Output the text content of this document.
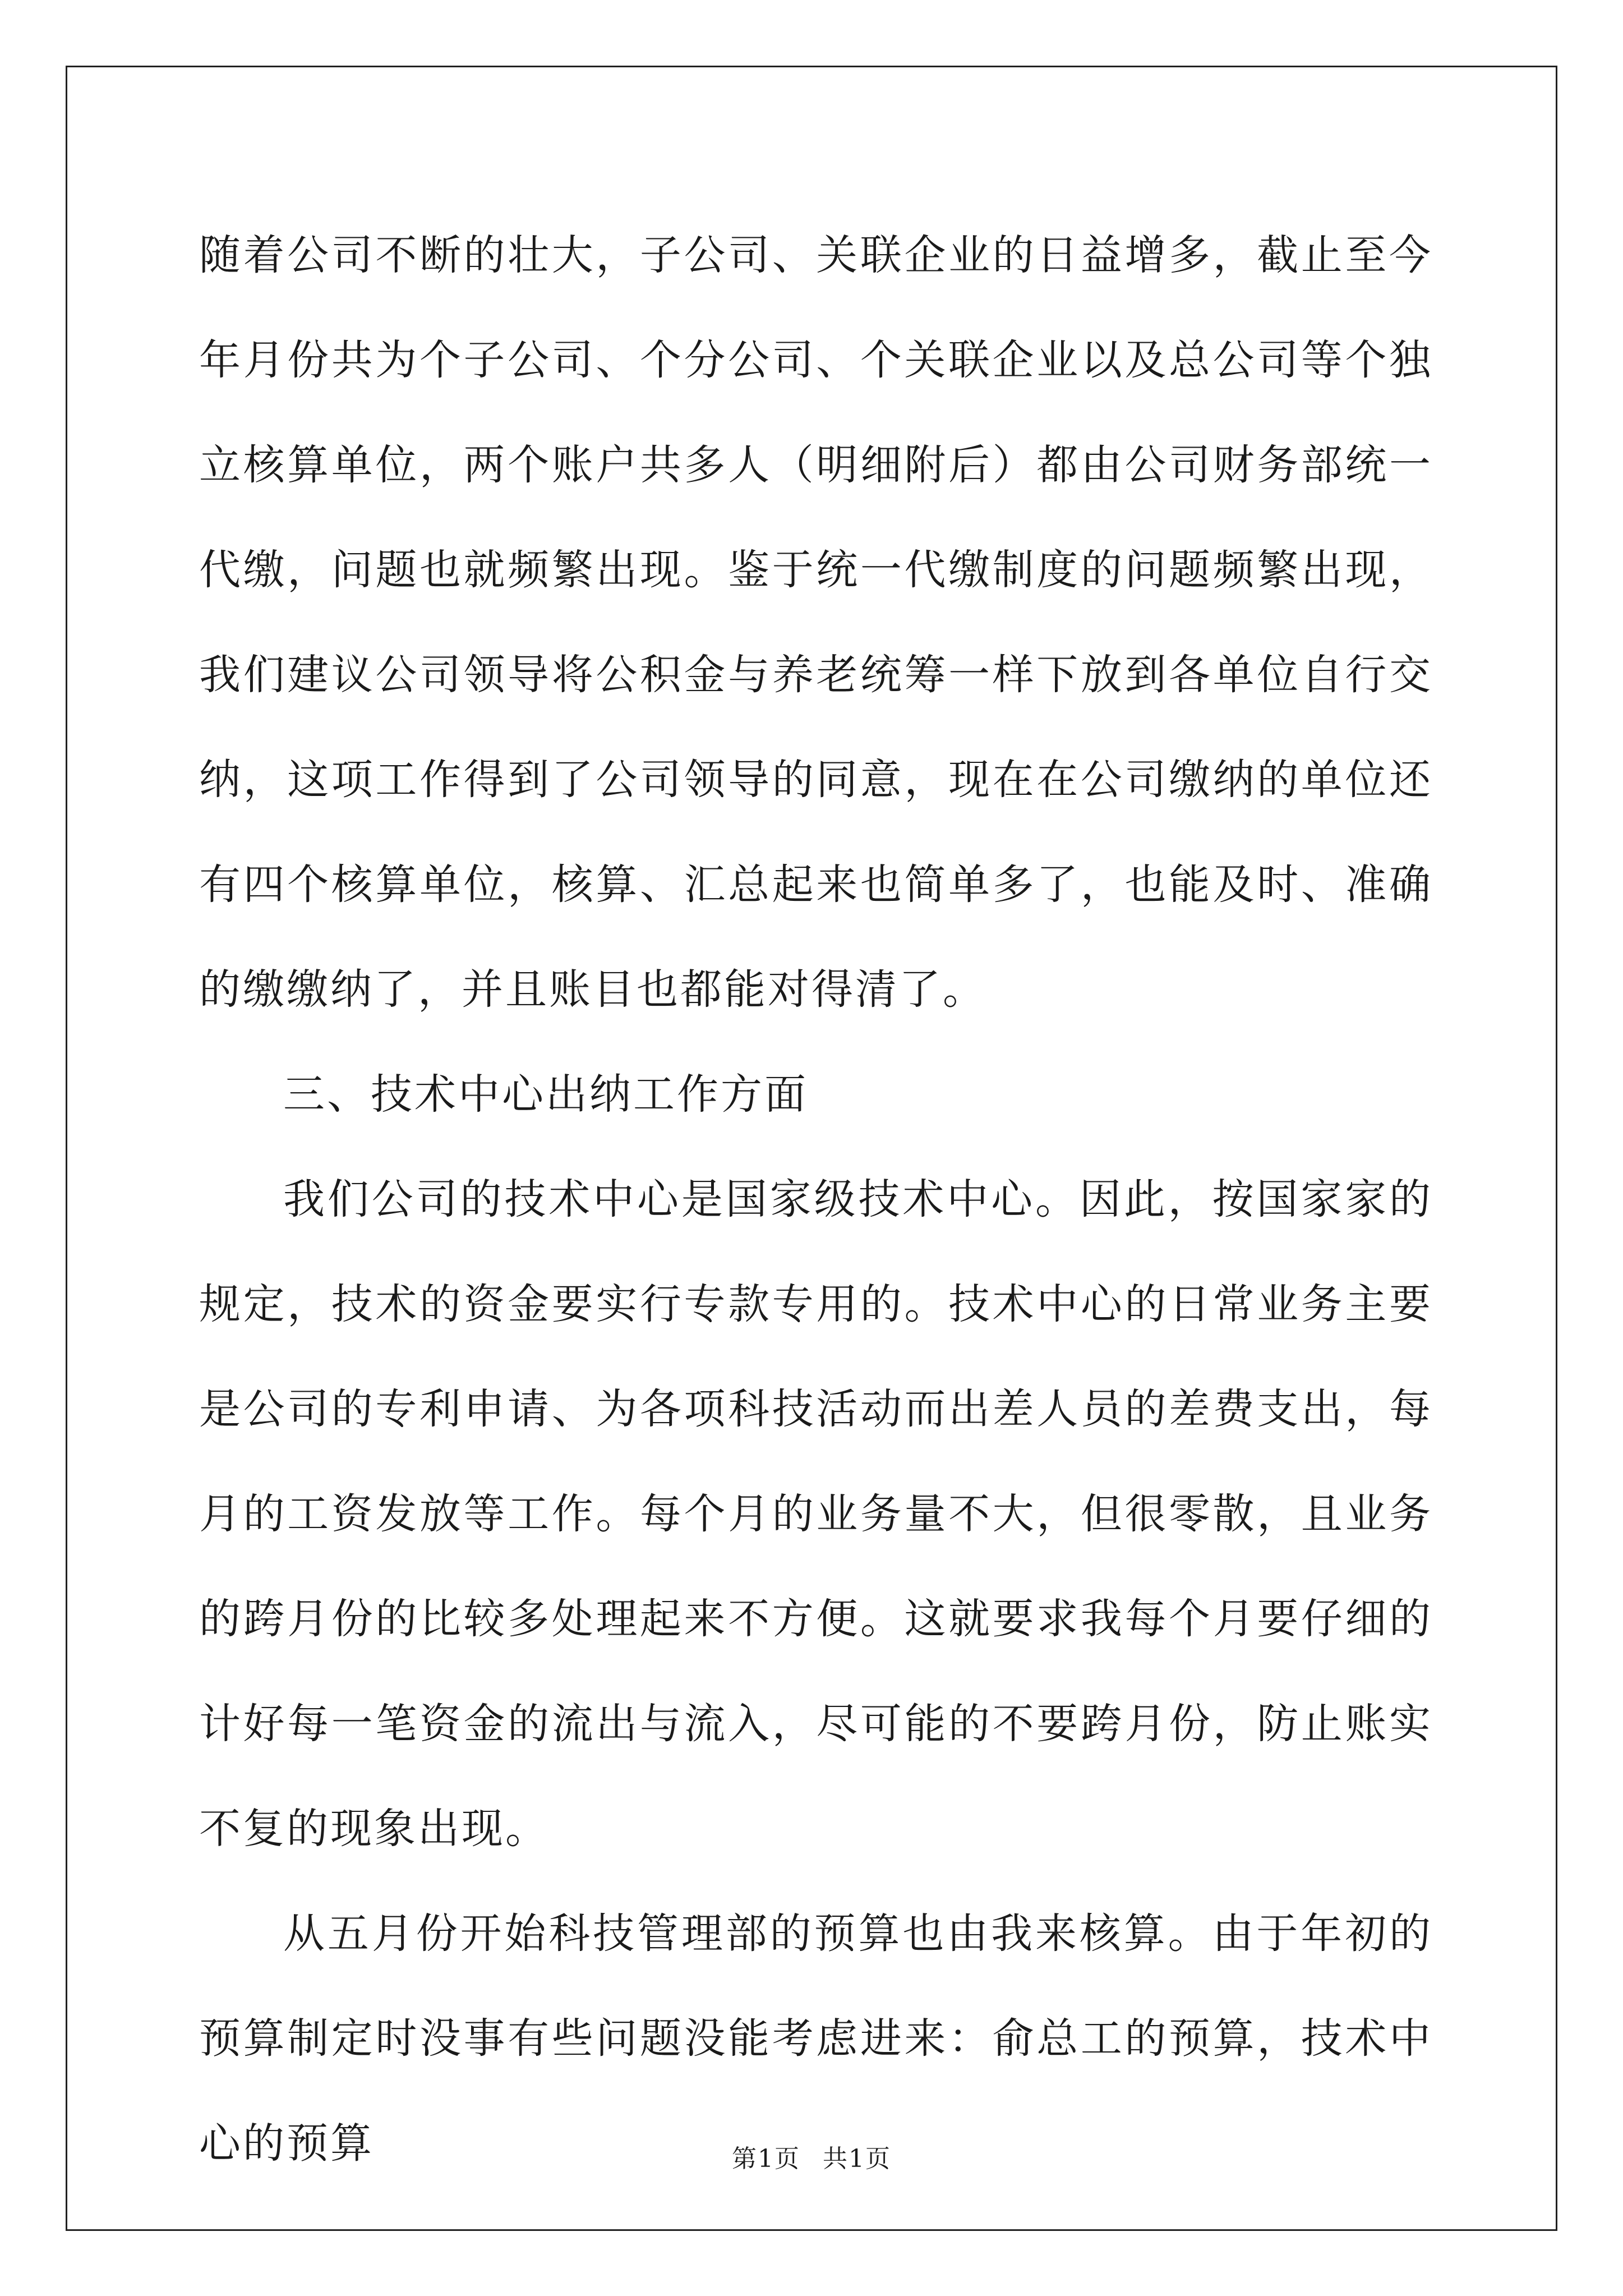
随着公司不断的壮大，子公司、关联企业的日益增多，截止至今年月份共为个子公司、个分公司、个关联企业以及总公司等个独立核算单位，两个账户共多人（明细附后）都由公司财务部统一代缴，问题也就频繁出现。鉴于统一代缴制度的问题频繁出现，我们建议公司领导将公积金与养老统筹一样下放到各单位自行交纳，这项工作得到了公司领导的同意，现在在公司缴纳的单位还有四个核算单位，核算、汇总起来也简单多了，也能及时、准确的缴缴纳了，并且账目也都能对得清了。

三、技术中心出纳工作方面

我们公司的技术中心是国家级技术中心。因此，按国家家的规定，技术的资金要实行专款专用的。技术中心的日常业务主要是公司的专利申请、为各项科技活动而出差人员的差费支出，每月的工资发放等工作。每个月的业务量不大，但很零散，且业务的跨月份的比较多处理起来不方便。这就要求我每个月要仔细的计好每一笔资金的流出与流入，尽可能的不要跨月份，防止账实不复的现象出现。

从五月份开始科技管理部的预算也由我来核算。由于年初的预算制定时没事有些问题没能考虑进来：俞总工的预算，技术中心的预算	第1页 共1页
